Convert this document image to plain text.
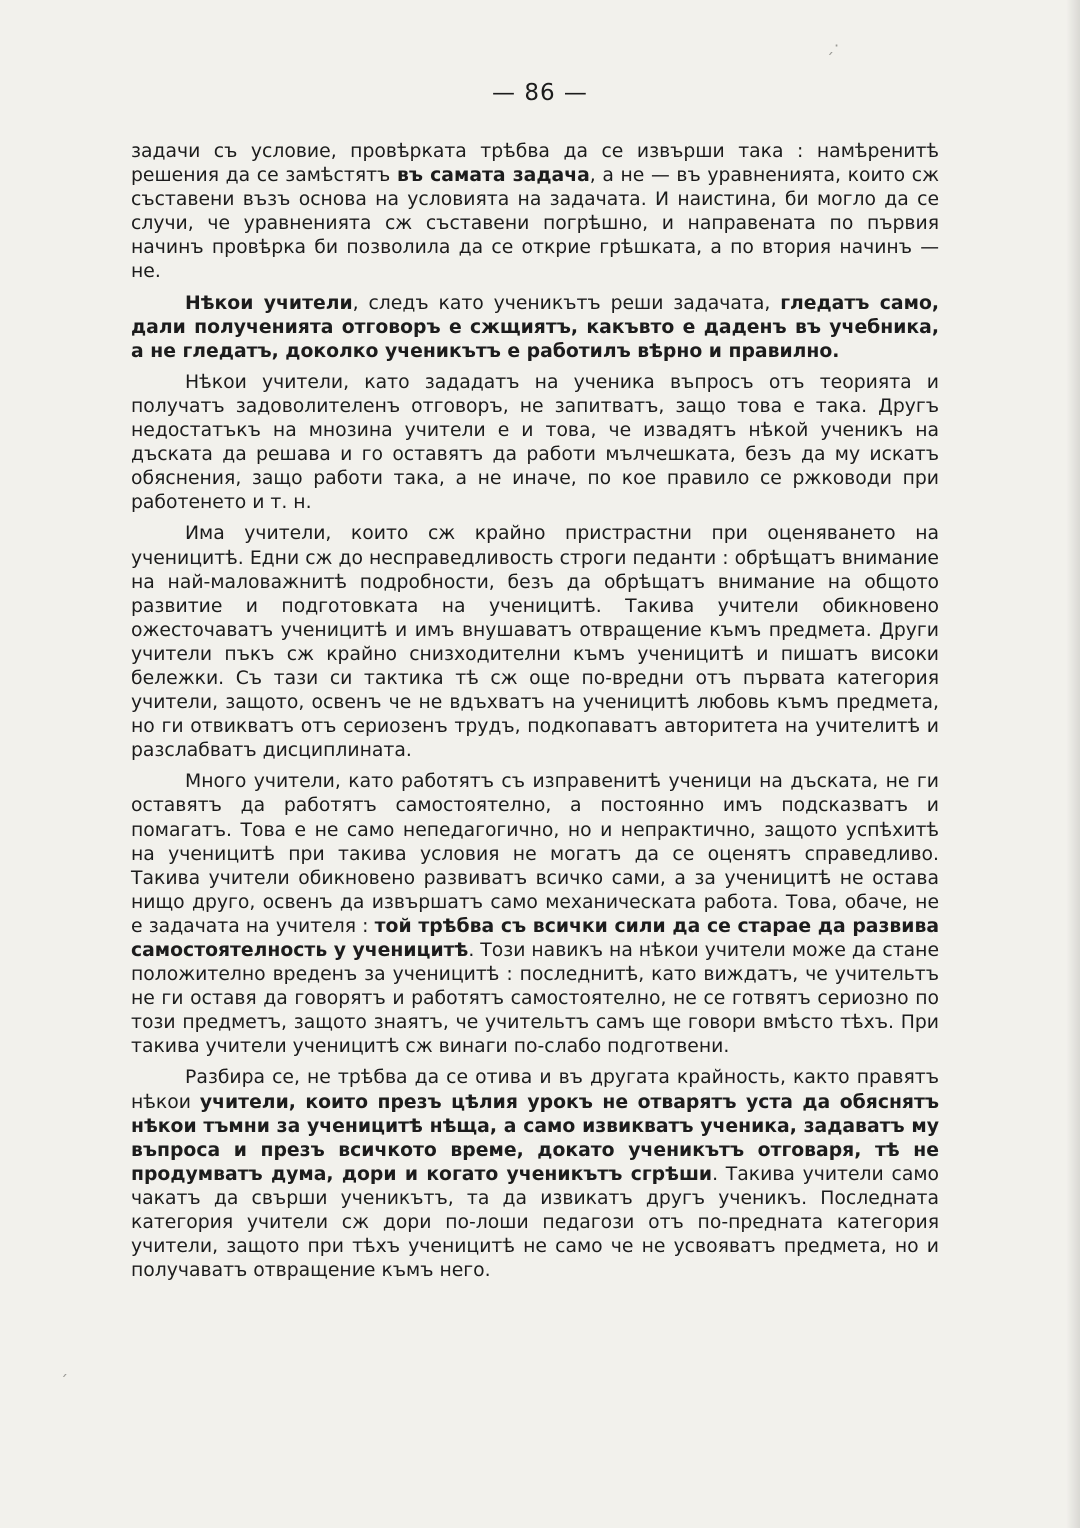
ˏ·
ˏ
— 86 —

задачи съ условие, провѣрката трѣбва да се извърши така : намѣренитѣ решения да се замѣстятъ въ самата задача, а не — въ уравненията, които сж съставени възъ основа на условията на задачата. И наистина, би могло да се случи, че уравненията сж съставени погрѣшно, и направената по първия начинъ провѣрка би позволила да се открие грѣшката, а по втория начинъ — не.

Нѣкои учители, следъ като ученикътъ реши задачата, гледатъ само, дали полученията отговоръ е сжщиятъ, какъвто е даденъ въ учебника, а не гледатъ, доколко ученикътъ е работилъ вѣрно и правилно.

Нѣкои учители, като зададатъ на ученика въпросъ отъ теорията и получатъ задоволителенъ отговоръ, не запитватъ, защо това е така. Другъ недостатъкъ на мнозина учители е и това, че извадятъ нѣкой ученикъ на дъската да решава и го оставятъ да работи мълчешката, безъ да му искатъ обяснения, защо работи така, а не иначе, по кое правило се ржководи при работенето и т. н.

Има учители, които сж крайно пристрастни при оценяването на ученицитѣ. Едни сж до несправедливость строги педанти : обрѣщатъ внимание на най-маловажнитѣ подробности, безъ да обрѣщатъ внимание на общото развитие и подготовката на ученицитѣ. Такива учители обикновено ожесточаватъ ученицитѣ и имъ внушаватъ отвращение къмъ предмета. Други учители пъкъ сж крайно снизходителни къмъ ученицитѣ и пишатъ високи бележки. Съ тази си тактика тѣ сж още по-вредни отъ първата категория учители, защото, освенъ че не вдъхватъ на ученицитѣ любовь къмъ предмета, но ги отвикватъ отъ сериозенъ трудъ, подкопаватъ авторитета на учителитѣ и разслабватъ дисциплината.

Много учители, като работятъ съ изправенитѣ ученици на дъската, не ги оставятъ да работятъ самостоятелно, а постоянно имъ подсказватъ и помагатъ. Това е не само непедагогично, но и непрактично, защото успѣхитѣ на ученицитѣ при такива условия не могатъ да се оценятъ справедливо. Такива учители обикновено развиватъ всичко сами, а за ученицитѣ не остава нищо друго, освенъ да извършатъ само механическата работа. Това, обаче, не е задачата на учителя : той трѣбва съ всички сили да се старае да развива самостоятелность у ученицитѣ. Този навикъ на нѣкои учители може да стане положително вреденъ за ученицитѣ : последнитѣ, като виждатъ, че учительтъ не ги оставя да говорятъ и работятъ самостоятелно, не се готвятъ сериозно по този предметъ, защото знаятъ, че учительтъ самъ ще говори вмѣсто тѣхъ. При такива учители ученицитѣ сж винаги по-слабо подготвени.

Разбира се, не трѣбва да се отива и въ другата крайность, както правятъ нѣкои учители, които презъ цѣлия урокъ не отварятъ уста да обяснятъ нѣкои тъмни за ученицитѣ нѣща, а само извикватъ ученика, задаватъ му въпроса и презъ всичкото време, докато ученикътъ отговаря, тѣ не продумватъ дума, дори и когато ученикътъ сгрѣши. Такива учители само чакатъ да свърши ученикътъ, та да извикатъ другъ ученикъ. Последната категория учители сж дори по-лоши педагози отъ по-предната категория учители, защото при тѣхъ ученицитѣ не само че не усвояватъ предмета, но и получаватъ отвращение къмъ него.
